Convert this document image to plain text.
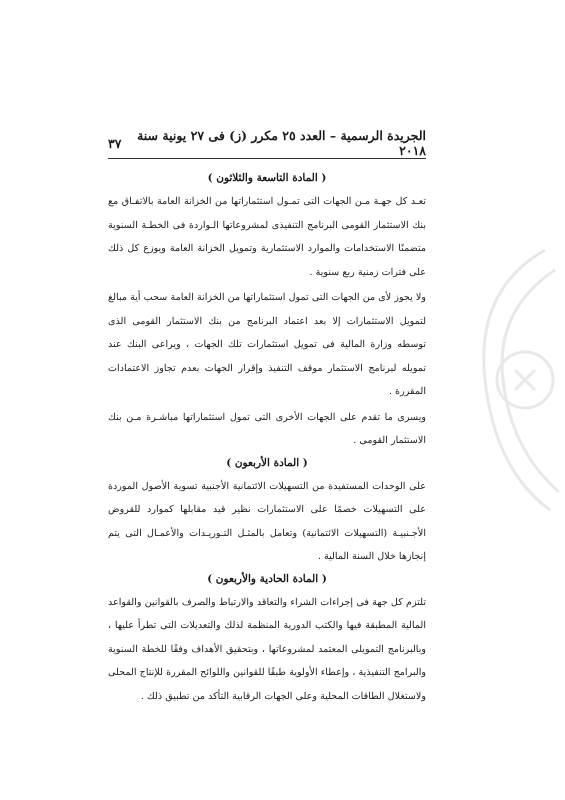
الجريدة الرسمية – العدد ٢٥ مكرر (ز) فى ٢٧ يونية سنة ٢٠١٨
٣٧
( المادة التاسعة والثلاثون )

تعـد كل جهـة مـن الجهات التى تمـول استثماراتها من الخزانة العامة بالاتفـاق مع بنك الاستثمار القومى البرنامج التنفيذى لمشروعاتها الـواردة فى الخطـة السنوية متضمنًا الاستخدامات والموارد الاستثمارية وتمويل الخزانة العامة ويوزع كل ذلك على فترات زمنية ربع سنوية .

ولا يجوز لأى من الجهات التى تمول استثماراتها من الخزانة العامة سحب أية مبالغ لتمويل الاستثمارات إلا بعد اعتماد البرنامج من بنك الاستثمار القومى الذى توسطه وزارة المالية فى تمويل استثمارات تلك الجهات ، ويراعى البنك عند تمويله لبرنامج الاستثمار موقف التنفيذ وإقرار الجهات بعدم تجاوز الاعتمادات المقررة .

ويسرى ما تقدم على الجهات الأخرى التى تمول استثماراتها مباشـرة مـن بنك الاستثمار القومى .

( المادة الأربعون )

على الوحدات المستفيدة من التسهيلات الائتمانية الأجنبية تسوية الأصول الموردة على التسهيلات خصمًا على الاستثمارات نظير قيد مقابلها كموارد للقروض الأجـنبيـة (التسهيلات الائتمانية) وتعامل بالمثـل التـوريـدات والأعمـال التى يتم إنجازها خلال السنة المالية .

( المادة الحادية والأربعون )

تلتزم كل جهة فى إجراءات الشراء والتعاقد والارتباط والصرف بالقوانين والقواعد المالية المطبقة فيها والكتب الدورية المنظمة لذلك والتعديلات التى تطرأ عليها ، وبالبرنامج التمويلى المعتمد لمشروعاتها ، وبتحقيق الأهداف وفقًا للخطة السنوية والبرامج التنفيذية ، وإعطاء الأولوية طبقًا للقوانين واللوائح المقررة للإنتاج المحلى ولاستغلال الطاقات المحلية وعلى الجهات الرقابية التأكد من تطبيق ذلك .
